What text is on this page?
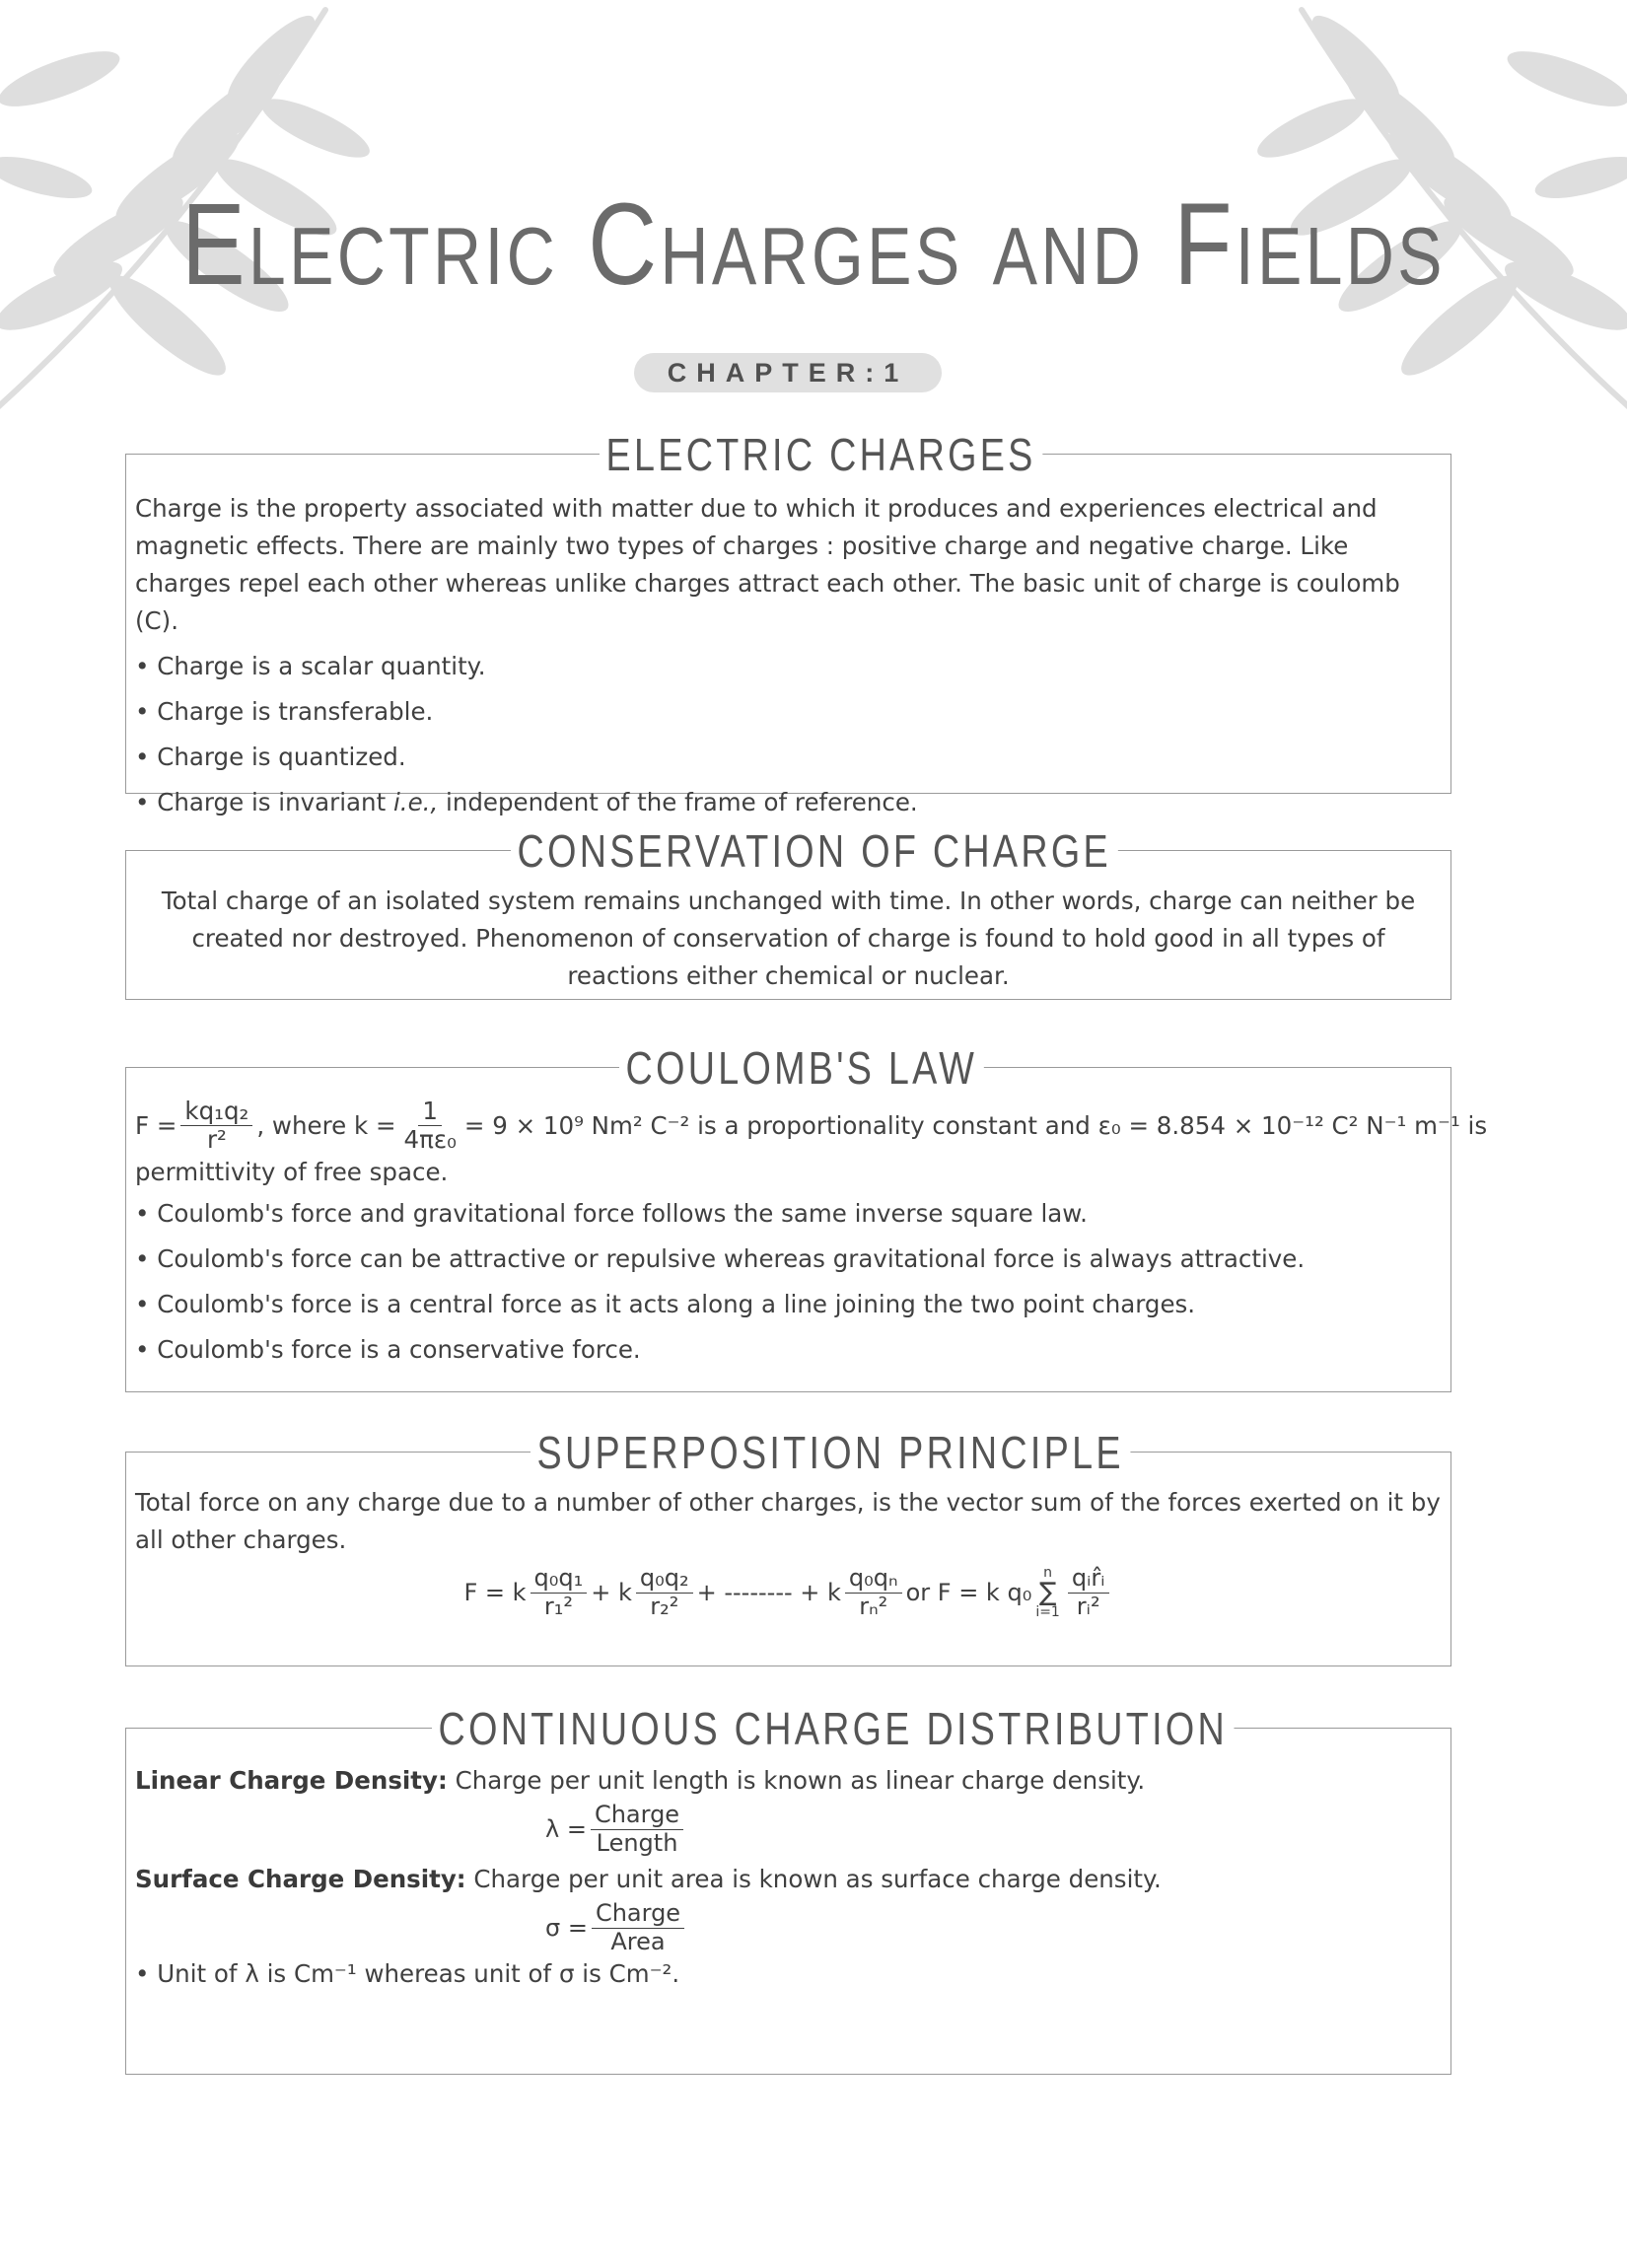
Electric Charges and Fields
CHAPTER:1
ELECTRIC CHARGES
Charge is the property associated with matter due to which it produces and experiences electrical and magnetic effects. There are mainly two types of charges : positive charge and negative charge. Like charges repel each other whereas unlike charges attract each other. The basic unit of charge is coulomb (C).
• Charge is a scalar quantity.
• Charge is transferable.
• Charge is quantized.
• Charge is invariant i.e., independent of the frame of reference.
CONSERVATION OF CHARGE
Total charge of an isolated system remains unchanged with time. In other words, charge can neither be created nor destroyed. Phenomenon of conservation of charge is found to hold good in all types of reactions either chemical or nuclear.
COULOMB'S LAW
$F = \frac{\text{kq₁q₂}}{\text{r²}}$ , where $k = \frac{1}{\text{4πε₀}} = 9 \times 10^9$ Nm² C⁻² is a proportionality constant and ε₀ = 8.854 × 10⁻¹² C² N⁻¹ m⁻¹ is
permittivity of free space.
• Coulomb's force and gravitational force follows the same inverse square law.
• Coulomb's force can be attractive or repulsive whereas gravitational force is always attractive.
• Coulomb's force is a central force as it acts along a line joining the two point charges.
• Coulomb's force is a conservative force.
SUPERPOSITION PRINCIPLE
Total force on any charge due to a number of other charges, is the vector sum of the forces exerted on it by all other charges.
F = k $\frac{\text{q₀q₁}}{\text{r₁²}} + k \frac{\text{q₀q₂}}{\text{r₂²}}$ + -------- + k $\frac{\text{q₀qₙ}}{\text{rₙ²}}$ or F = k q₀
n
∑
$i=1 \frac{\text{qᵢr̂ᵢ}}{\text{rᵢ²}}$
CONTINUOUS CHARGE DISTRIBUTION
Linear Charge Density: Charge per unit length is known as linear charge density.
$\lambda = \frac{\text{Charge}}{\text{Length}}$
Surface Charge Density: Charge per unit area is known as surface charge density.
$\sigma = \frac{\text{Charge}}{\text{Area}}$
• Unit of λ is Cm⁻¹ whereas unit of σ is Cm⁻².
